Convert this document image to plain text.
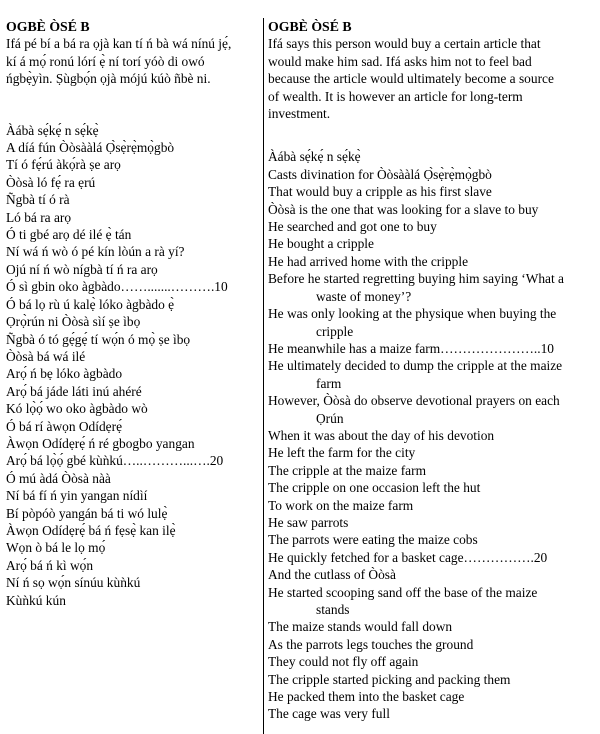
OGBÈ ÒSÉ B
Ifá pé bí a bá ra ọjà kan tí ń bà wá nínú jẹ́,
kí á mọ́ ronú lórí ẹ̀ ní torí yóò di owó
ńgbẹ̀yìn. Ṣùgbọ́n ọjà mójú kúò ñbè ni.
Àábà sẹ́kẹ́ n sẹ́kẹ̀
A díá fún Òòsààlá Ọ̀sẹ̀rẹ̀mọ̀gbò
Tí ó fẹ́rú àkọ́rà ṣe arọ
Òòsà ló fẹ́ ra ẹrú
Ñgbà tí ó rà
Ló bá ra arọ
Ó ti gbé arọ dé ilé ẹ̀ tán
Ní wá ń wò ó pé kín lòún a rà yí?
Ojú ní ń wò nígbà tí ń ra arọ
Ó sì gbin oko àgbàdo…….......……….10
Ó bá lọ rù ú kalẹ̀ lóko àgbàdo ẹ̀
Ọrọ̀rún ni Òòsà sìí ṣe ìbọ
Ñgbà ó tó gẹ́gẹ́ tí wọ́n ó mọ̀ ṣe ìbọ
Òòsà bá wá ilé
Arọ́ ń bẹ lóko àgbàdo
Arọ́ bá jáde láti inú ahéré
Kó lọ̀ọ́ wo oko àgbàdo wò
Ó bá rí àwọn Odídẹrẹ́
Àwọn Odídẹrẹ́ ń ré gbogbo yangan
Arọ́ bá lọ̀ọ́ gbé kùǹkú…..………...….20
Ó mú àdá Òòsà nàà
Ní bá fí ń yin yangan nídìí
Bí pòpóò yangán bá ti wó lulẹ̀
Àwọn Odídẹrẹ́ bá ń fẹsẹ̀ kan ilẹ̀
Wọn ò bá le lọ mọ́
Arọ́ bá ń kì wọ́n
Ní ń sọ wọ́n sínúu kùǹkú
Kùǹkú kún
OGBÈ ÒSÉ B
Ifá says this person would buy a certain article that
would make him sad. Ifá asks him not to feel bad
because the article would ultimately become a source
of wealth. It is however an article for long-term
investment.
Àábà sẹ́kẹ́ n sẹ́kẹ̀
Casts divination for Òòsààlá Ọ̀sẹ̀rẹ̀mọ̀gbò
That would buy a cripple as his first slave
Òòsà is the one that was looking for a slave to buy
He searched and got one to buy
He bought a cripple
He had arrived home with the cripple
Before he started regretting buying him saying ‘What a
waste of money’?
He was only looking at the physique when buying the
cripple
He meanwhile has a maize farm…………………..10
He ultimately decided to dump the cripple at the maize
farm
However, Òòsà do observe devotional prayers on each
Ọrún
When it was about the day of his devotion
He left the farm for the city
The cripple at the maize farm
The cripple on one occasion left the hut
To work on the maize farm
He saw parrots
The parrots were eating the maize cobs
He quickly fetched for a basket cage…………….20
And the cutlass of Òòsà
He started scooping sand off the base of the maize
stands
The maize stands would fall down
As the parrots legs touches the ground
They could not fly off again
The cripple started picking and packing them
He packed them into the basket cage
The cage was very full
